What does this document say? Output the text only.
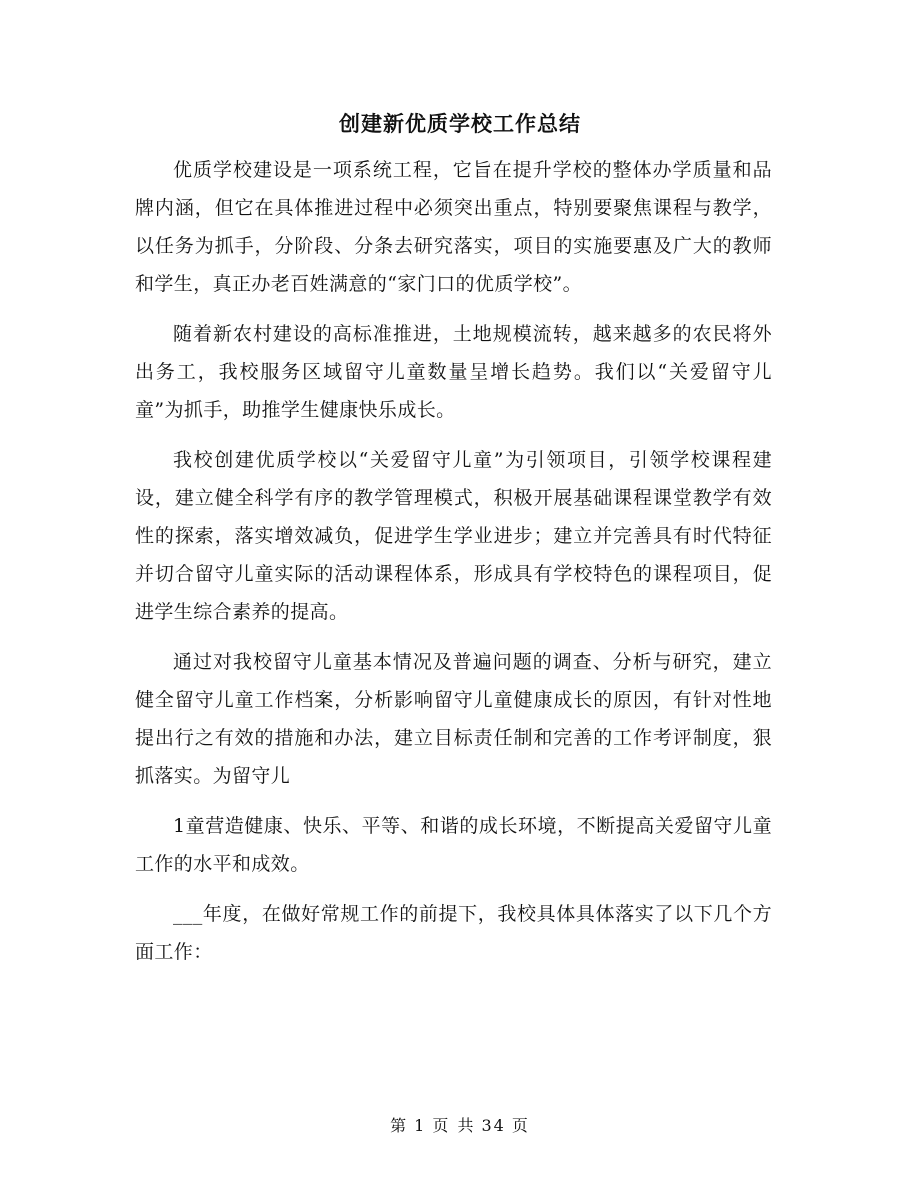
创建新优质学校工作总结

优质学校建设是一项系统工程，它旨在提升学校的整体办学质量和品牌内涵，但它在具体推进过程中必须突出重点，特别要聚焦课程与教学，以任务为抓手，分阶段、分条去研究落实，项目的实施要惠及广大的教师和学生，真正办老百姓满意的“家门口的优质学校”。

随着新农村建设的高标准推进，土地规模流转，越来越多的农民将外出务工，我校服务区域留守儿童数量呈增长趋势。我们以“关爱留守儿童”为抓手，助推学生健康快乐成长。

我校创建优质学校以“关爱留守儿童”为引领项目，引领学校课程建设，建立健全科学有序的教学管理模式，积极开展基础课程课堂教学有效性的探索，落实增效减负，促进学生学业进步；建立并完善具有时代特征并切合留守儿童实际的活动课程体系，形成具有学校特色的课程项目，促进学生综合素养的提高。

通过对我校留守儿童基本情况及普遍问题的调查、分析与研究，建立健全留守儿童工作档案，分析影响留守儿童健康成长的原因，有针对性地提出行之有效的措施和办法，建立目标责任制和完善的工作考评制度，狠抓落实。为留守儿

1童营造健康、快乐、平等、和谐的成长环境，不断提高关爱留守儿童工作的水平和成效。

___年度，在做好常规工作的前提下，我校具体具体落实了以下几个方面工作：

第 1 页 共 34 页
